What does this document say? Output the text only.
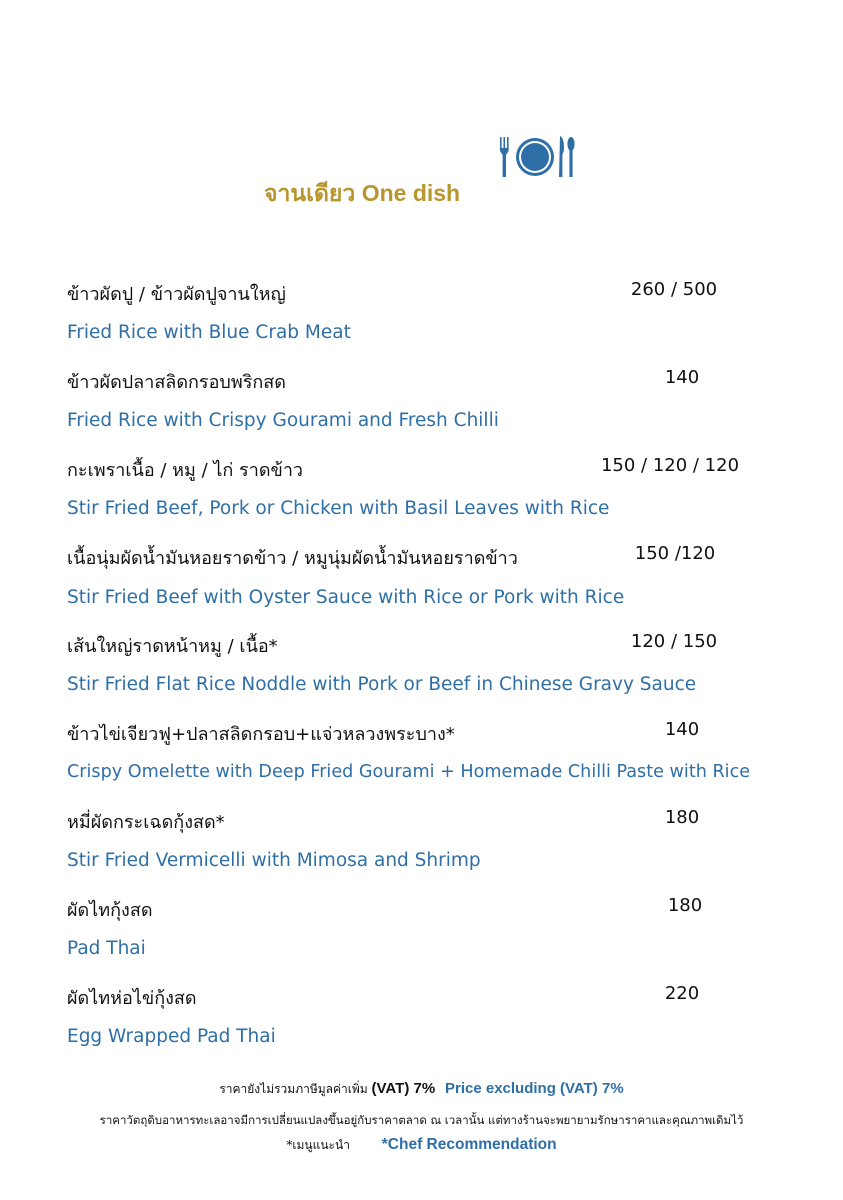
จานเดียว One dish
ข้าวผัดปู / ข้าวผัดปูจานใหญ่	260 / 500
Fried Rice with Blue Crab Meat
ข้าวผัดปลาสลิดกรอบพริกสด	140
Fried Rice with Crispy Gourami and Fresh Chilli
กะเพราเนื้อ / หมู / ไก่ ราดข้าว	150 / 120 / 120
Stir Fried Beef, Pork or Chicken with Basil Leaves with Rice
เนื้อนุ่มผัดน้ำมันหอยราดข้าว / หมูนุ่มผัดน้ำมันหอยราดข้าว	150 /120
Stir Fried Beef with Oyster Sauce with Rice or Pork with Rice
เส้นใหญ่ราดหน้าหมู / เนื้อ*	120 / 150
Stir Fried Flat Rice Noddle with Pork or Beef in Chinese Gravy Sauce
ข้าวไข่เจียวฟู+ปลาสลิดกรอบ+แจ่วหลวงพระบาง*	140
Crispy Omelette with Deep Fried Gourami + Homemade Chilli Paste with Rice
หมี่ผัดกระเฉดกุ้งสด*	180
Stir Fried Vermicelli with Mimosa and Shrimp
ผัดไทกุ้งสด	180
Pad Thai
ผัดไทห่อไข่กุ้งสด	220
Egg Wrapped Pad Thai
ราคายังไม่รวมภาษีมูลค่าเพิ่ม (VAT) 7% Price excluding (VAT) 7%
ราคาวัตถุดิบอาหารทะเลอาจมีการเปลี่ยนแปลงขึ้นอยู่กับราคาตลาด ณ เวลานั้น แต่ทางร้านจะพยายามรักษาราคาและคุณภาพเดิมไว้
*เมนูแนะนำ *Chef Recommendation
